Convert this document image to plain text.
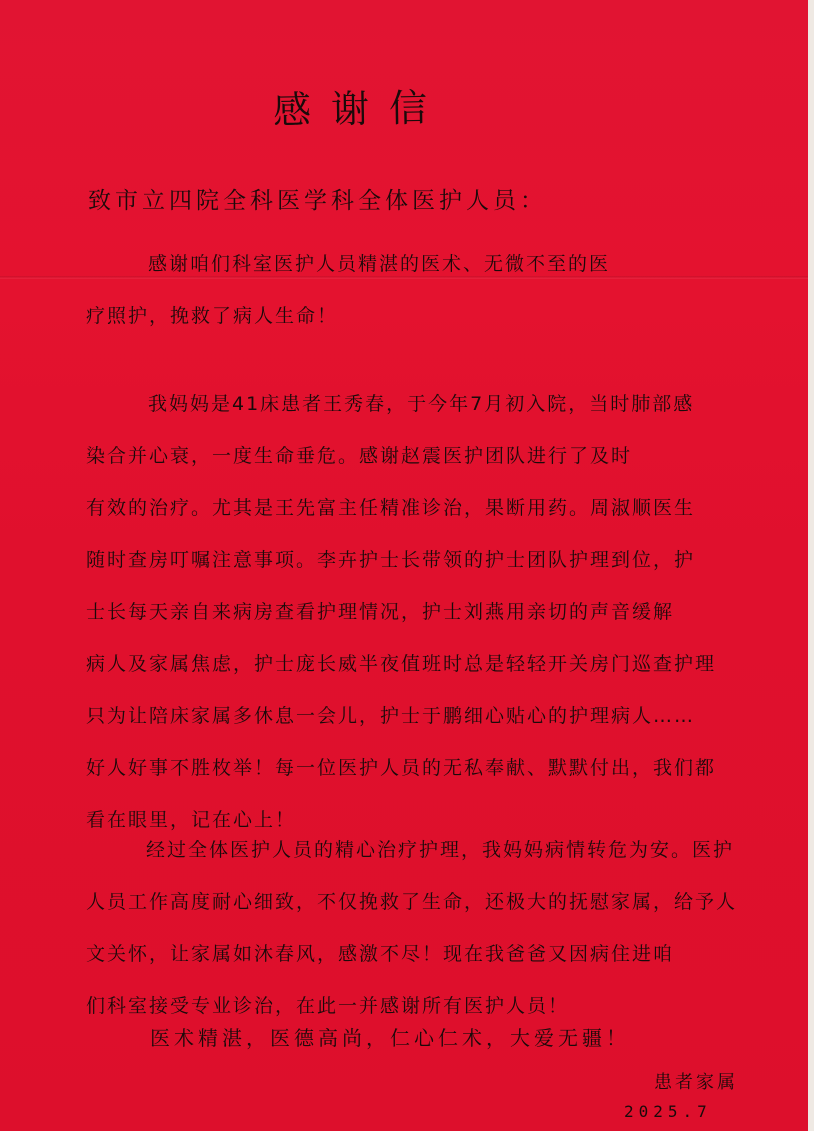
感谢信
致市立四院全科医学科全体医护人员：
感谢咱们科室医护人员精湛的医术、无微不至的医
疗照护，挽救了病人生命！
我妈妈是41床患者王秀春，于今年7月初入院，当时肺部感
染合并心衰，一度生命垂危。感谢赵震医护团队进行了及时
有效的治疗。尤其是王先富主任精准诊治，果断用药。周淑顺医生
随时查房叮嘱注意事项。李卉护士长带领的护士团队护理到位，护
士长每天亲自来病房查看护理情况，护士刘燕用亲切的声音缓解
病人及家属焦虑，护士庞长威半夜值班时总是轻轻开关房门巡查护理
只为让陪床家属多休息一会儿，护士于鹏细心贴心的护理病人……
好人好事不胜枚举！每一位医护人员的无私奉献、默默付出，我们都
看在眼里，记在心上！
经过全体医护人员的精心治疗护理，我妈妈病情转危为安。医护
人员工作高度耐心细致，不仅挽救了生命，还极大的抚慰家属，给予人
文关怀，让家属如沐春风，感激不尽！现在我爸爸又因病住进咱
们科室接受专业诊治，在此一并感谢所有医护人员！
医术精湛，医德高尚，仁心仁术，大爱无疆！
患者家属
2025.7
